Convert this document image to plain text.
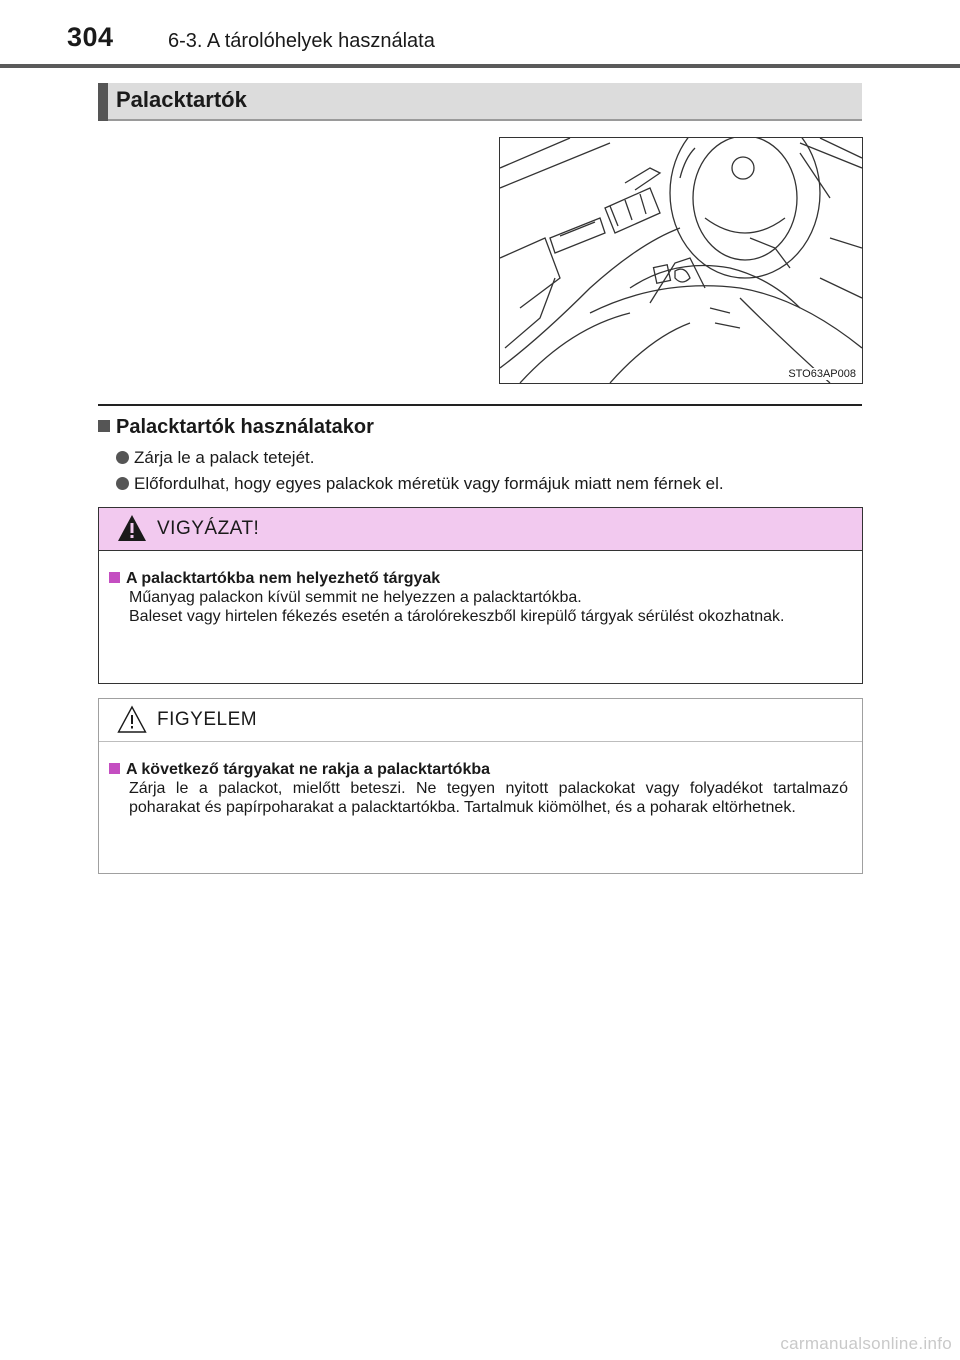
304	6-3. A tárolóhelyek használata
Palacktartók
STO63AP008
Palacktartók használatakor
Zárja le a palack tetejét.
Előfordulhat, hogy egyes palackok méretük vagy formájuk miatt nem férnek el.
VIGYÁZAT!
A palacktartókba nem helyezhető tárgyak

Műanyag palackon kívül semmit ne helyezzen a palacktartókba.

Baleset vagy hirtelen fékezés esetén a tárolórekeszből kirepülő tárgyak sérülést okozhatnak.

FIGYELEM
A következő tárgyakat ne rakja a palacktartókba

Zárja le a palackot, mielőtt beteszi. Ne tegyen nyitott palackokat vagy folyadékot tartalmazó poharakat és papírpoharakat a palacktartókba. Tartalmuk kiömölhet, és a poharak eltörhetnek.

carmanualsonline.info
